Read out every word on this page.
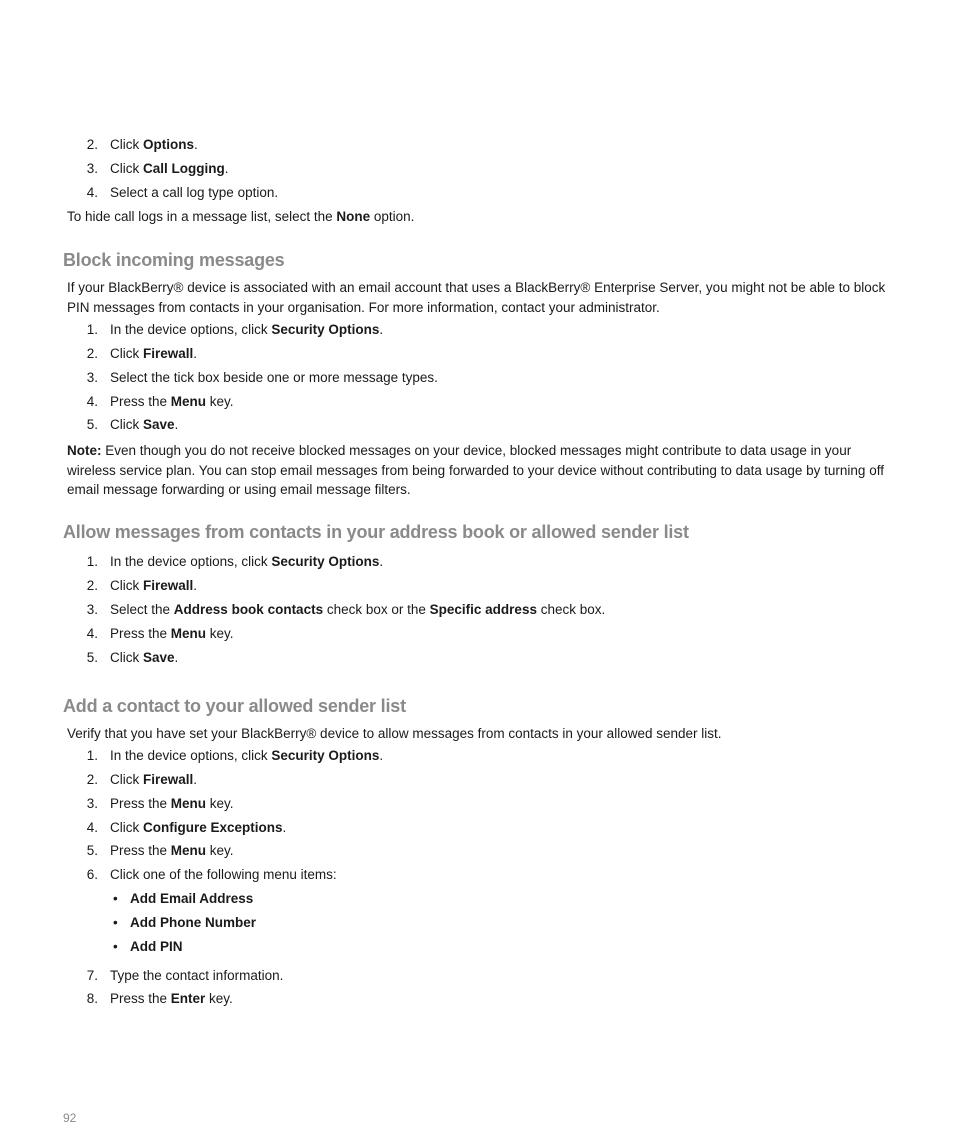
2. Click Options.
3. Click Call Logging.
4. Select a call log type option.
To hide call logs in a message list, select the None option.
Block incoming messages
If your BlackBerry® device is associated with an email account that uses a BlackBerry® Enterprise Server, you might not be able to block PIN messages from contacts in your organisation. For more information, contact your administrator.
1. In the device options, click Security Options.
2. Click Firewall.
3. Select the tick box beside one or more message types.
4. Press the Menu key.
5. Click Save.
Note: Even though you do not receive blocked messages on your device, blocked messages might contribute to data usage in your wireless service plan. You can stop email messages from being forwarded to your device without contributing to data usage by turning off email message forwarding or using email message filters.
Allow messages from contacts in your address book or allowed sender list
1. In the device options, click Security Options.
2. Click Firewall.
3. Select the Address book contacts check box or the Specific address check box.
4. Press the Menu key.
5. Click Save.
Add a contact to your allowed sender list
Verify that you have set your BlackBerry® device to allow messages from contacts in your allowed sender list.
1. In the device options, click Security Options.
2. Click Firewall.
3. Press the Menu key.
4. Click Configure Exceptions.
5. Press the Menu key.
6. Click one of the following menu items:
• Add Email Address
• Add Phone Number
• Add PIN
7. Type the contact information.
8. Press the Enter key.
92
